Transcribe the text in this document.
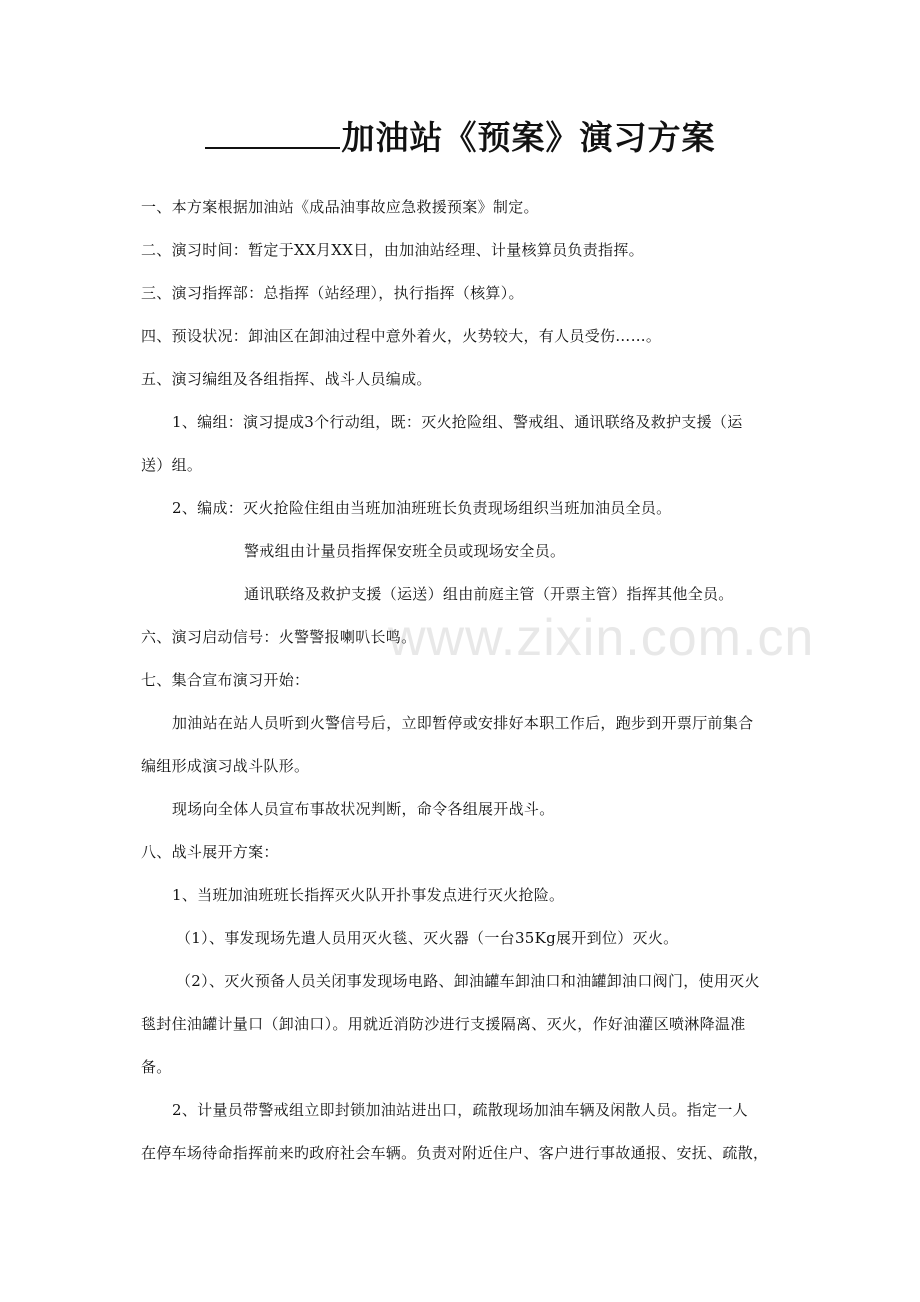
加油站《预案》演习方案
一、本方案根据加油站《成品油事故应急救援预案》制定。
二、演习时间：暂定于XX月XX日，由加油站经理、计量核算员负责指挥。
三、演习指挥部：总指挥（站经理），执行指挥（核算）。
四、预设状况：卸油区在卸油过程中意外着火，火势较大，有人员受伤……。
五、演习编组及各组指挥、战斗人员编成。
1、编组：演习提成3个行动组，既：灭火抢险组、警戒组、通讯联络及救护支援（运
送）组。
2、编成：灭火抢险住组由当班加油班班长负责现场组织当班加油员全员。
警戒组由计量员指挥保安班全员或现场安全员。
通讯联络及救护支援（运送）组由前庭主管（开票主管）指挥其他全员。
六、演习启动信号：火警警报喇叭长鸣。
七、集合宣布演习开始：
加油站在站人员听到火警信号后，立即暂停或安排好本职工作后，跑步到开票厅前集合
编组形成演习战斗队形。
现场向全体人员宣布事故状况判断，命令各组展开战斗。
八、战斗展开方案：
1、当班加油班班长指挥灭火队开扑事发点进行灭火抢险。
（1）、事发现场先遣人员用灭火毯、灭火器（一台35Kg展开到位）灭火。
（2）、灭火预备人员关闭事发现场电路、卸油罐车卸油口和油罐卸油口阀门，使用灭火
毯封住油罐计量口（卸油口）。用就近消防沙进行支援隔离、灭火，作好油灌区喷淋降温准
备。
2、计量员带警戒组立即封锁加油站进出口，疏散现场加油车辆及闲散人员。指定一人
在停车场待命指挥前来旳政府社会车辆。负责对附近住户、客户进行事故通报、安抚、疏散，
www.zixin.com.cn
